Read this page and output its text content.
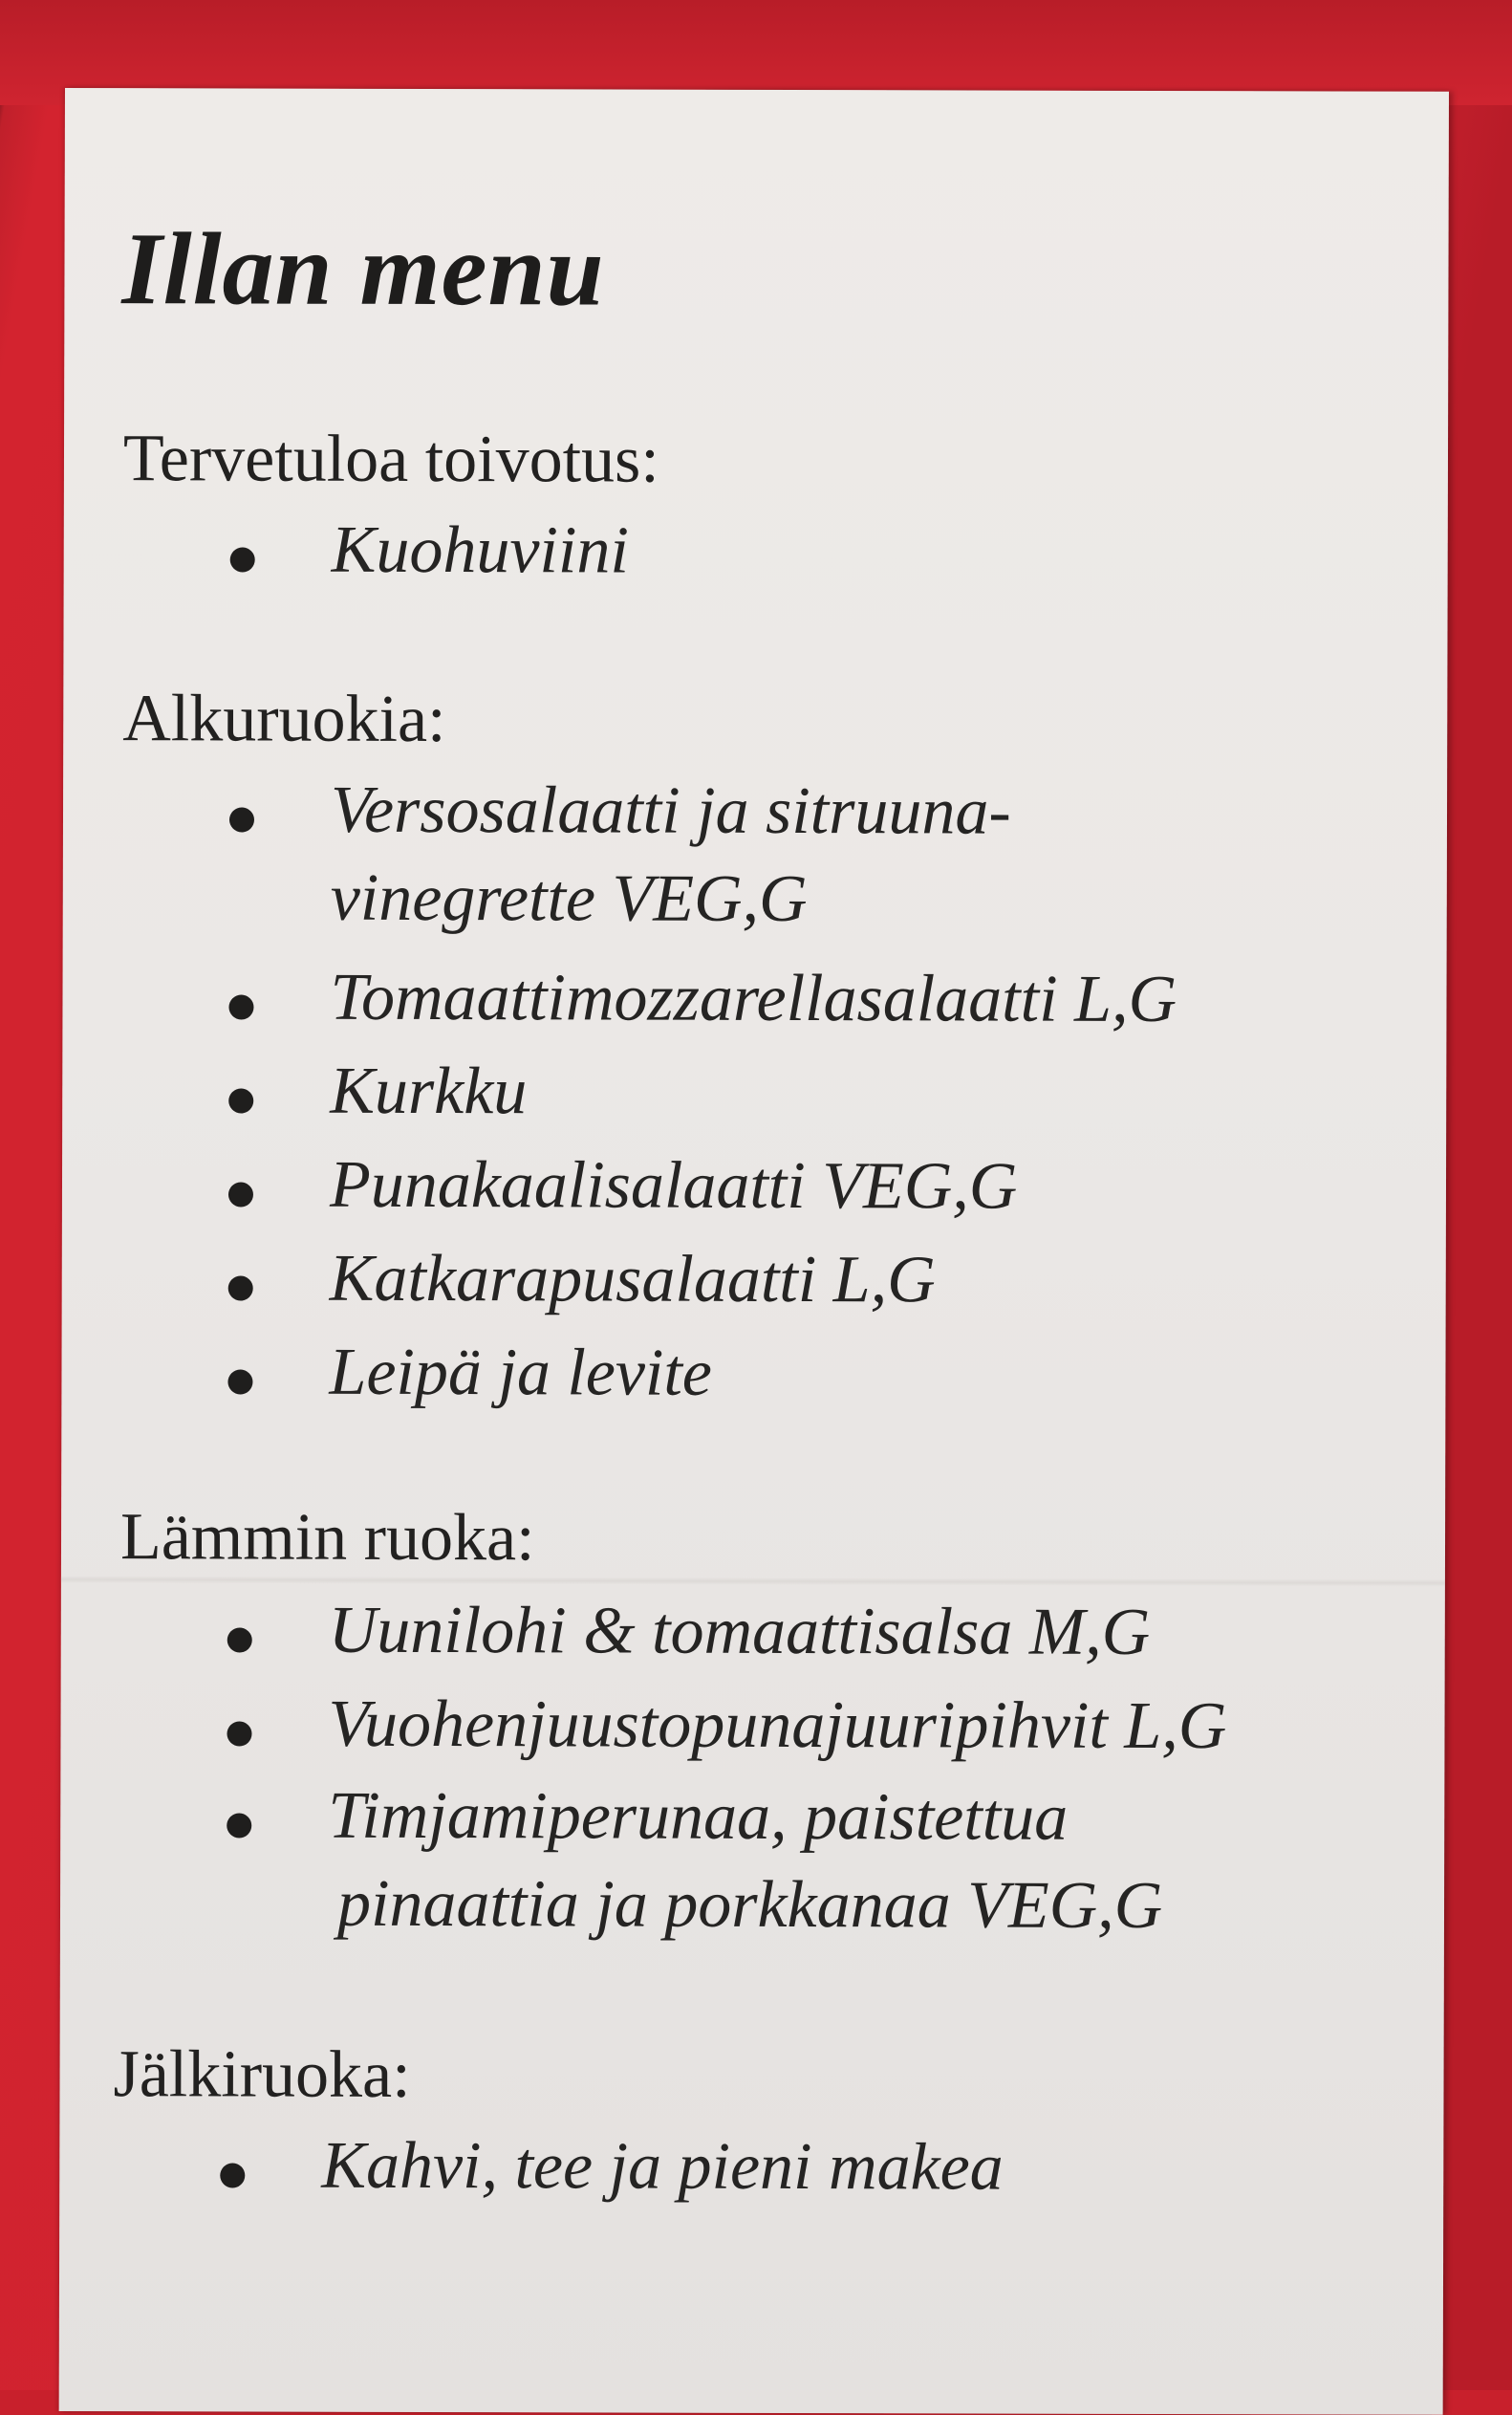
Illan menu
Tervetuloa toivotus:
Kuohuviini
Alkuruokia:
Versosalaatti ja sitruuna-
vinegrette VEG,G
Tomaattimozzarellasalaatti L,G
Kurkku
Punakaalisalaatti VEG,G
Katkarapusalaatti L,G
Leipä ja levite
Lämmin ruoka:
Uunilohi & tomaattisalsa M,G
Vuohenjuustopunajuuripihvit L,G
Timjamiperunaa, paistettua
pinaattia ja porkkanaa VEG,G
Jälkiruoka:
Kahvi, tee ja pieni makea
